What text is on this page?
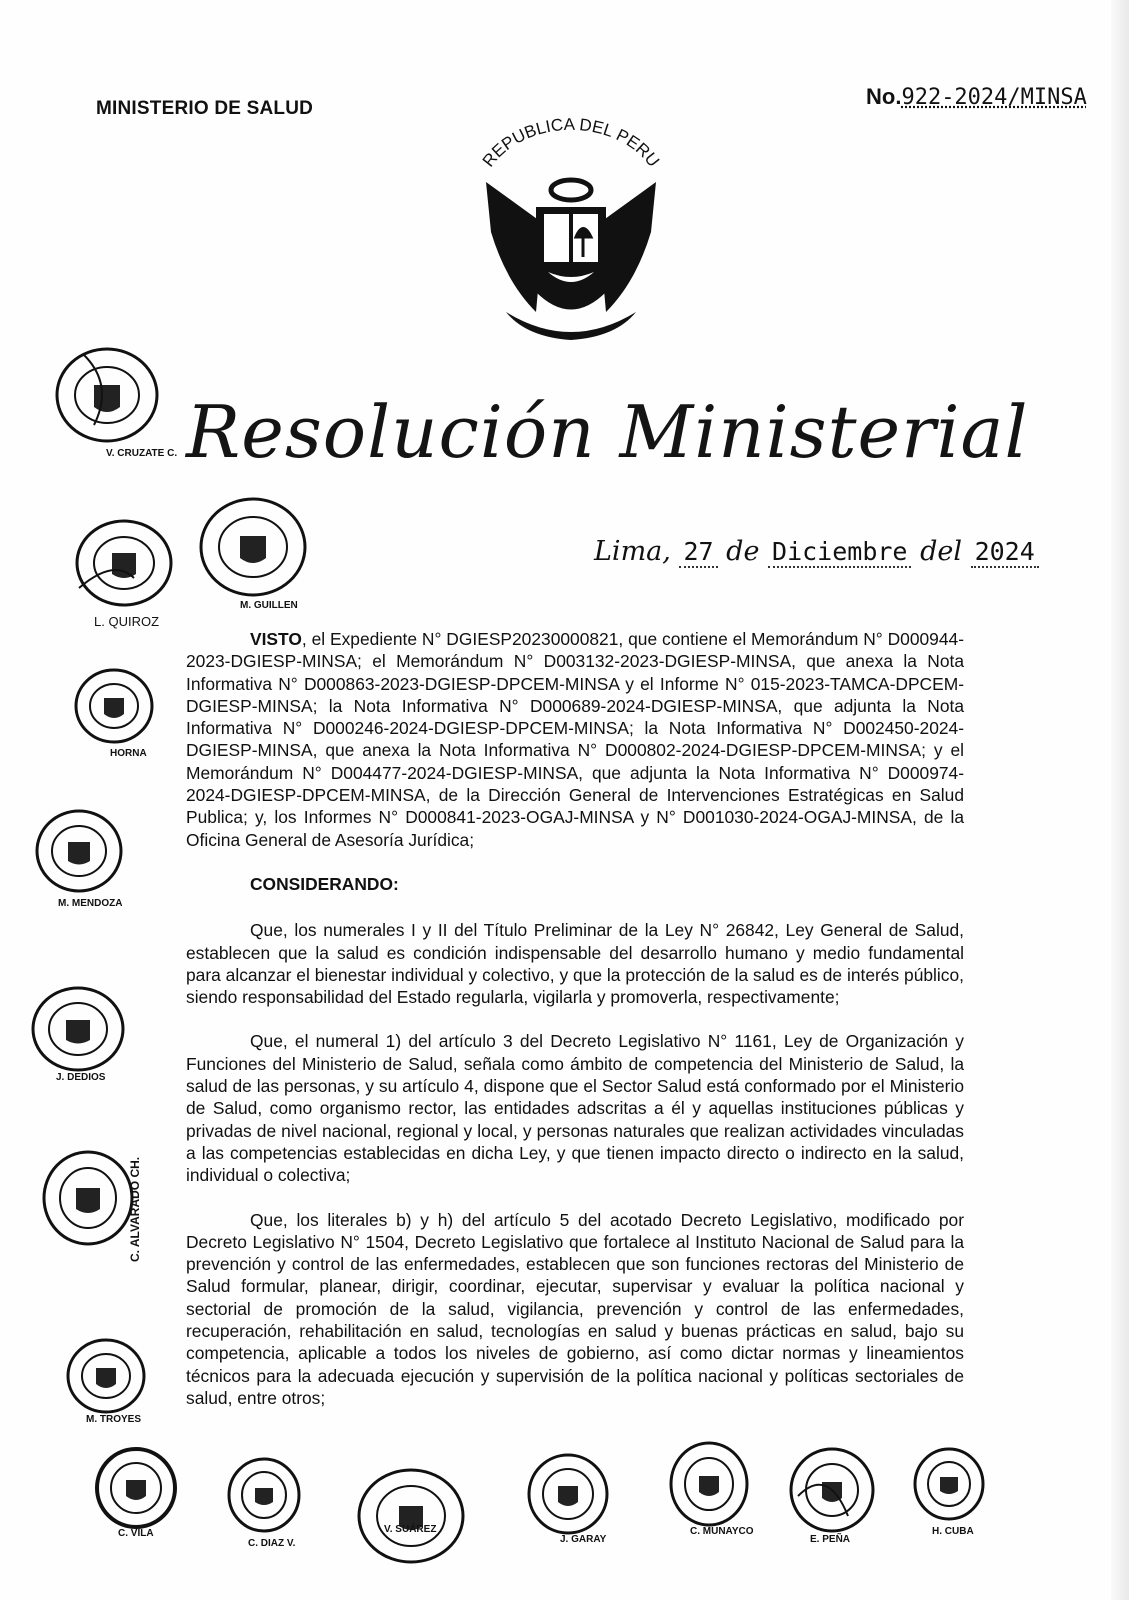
MINISTERIO DE SALUD	No.922-2024/MINSA
REPUBLICA DEL PERU
Resolución Ministerial
Lima, 27 de Diciembre del 2024

VISTO, el Expediente N° DGIESP20230000821, que contiene el Memorándum N° D000944-2023-DGIESP-MINSA; el Memorándum N° D003132-2023-DGIESP-MINSA, que anexa la Nota Informativa N° D000863-2023-DGIESP-DPCEM-MINSA y el Informe N° 015-2023-TAMCA-DPCEM-DGIESP-MINSA; la Nota Informativa N° D000689-2024-DGIESP-MINSA, que adjunta la Nota Informativa N° D000246-2024-DGIESP-DPCEM-MINSA; la Nota Informativa N° D002450-2024-DGIESP-MINSA, que anexa la Nota Informativa N° D000802-2024-DGIESP-DPCEM-MINSA; y el Memorándum N° D004477-2024-DGIESP-MINSA, que adjunta la Nota Informativa N° D000974-2024-DGIESP-DPCEM-MINSA, de la Dirección General de Intervenciones Estratégicas en Salud Publica; y, los Informes N° D000841-2023-OGAJ-MINSA y N° D001030-2024-OGAJ-MINSA, de la Oficina General de Asesoría Jurídica;

CONSIDERANDO:

Que, los numerales I y II del Título Preliminar de la Ley N° 26842, Ley General de Salud, establecen que la salud es condición indispensable del desarrollo humano y medio fundamental para alcanzar el bienestar individual y colectivo, y que la protección de la salud es de interés público, siendo responsabilidad del Estado regularla, vigilarla y promoverla, respectivamente;

Que, el numeral 1) del artículo 3 del Decreto Legislativo N° 1161, Ley de Organización y Funciones del Ministerio de Salud, señala como ámbito de competencia del Ministerio de Salud, la salud de las personas, y su artículo 4, dispone que el Sector Salud está conformado por el Ministerio de Salud, como organismo rector, las entidades adscritas a él y aquellas instituciones públicas y privadas de nivel nacional, regional y local, y personas naturales que realizan actividades vinculadas a las competencias establecidas en dicha Ley, y que tienen impacto directo o indirecto en la salud, individual o colectiva;

Que, los literales b) y h) del artículo 5 del acotado Decreto Legislativo, modificado por Decreto Legislativo N° 1504, Decreto Legislativo que fortalece al Instituto Nacional de Salud para la prevención y control de las enfermedades, establecen que son funciones rectoras del Ministerio de Salud formular, planear, dirigir, coordinar, ejecutar, supervisar y evaluar la política nacional y sectorial de promoción de la salud, vigilancia, prevención y control de las enfermedades, recuperación, rehabilitación en salud, tecnologías en salud y buenas prácticas en salud, bajo su competencia, aplicable a todos los niveles de gobierno, así como dictar normas y lineamientos técnicos para la adecuada ejecución y supervisión de la política nacional y políticas sectoriales de salud, entre otros;

V. CRUZATE C.
L. QUIROZ
M. GUILLEN
HORNA
M. MENDOZA
J. DEDIOS
C. ALVARADO CH.
M. TROYES
C. VILA
C. DIAZ V.
V. SUÁREZ
J. GARAY
C. MUNAYCO
E. PEÑA
H. CUBA
